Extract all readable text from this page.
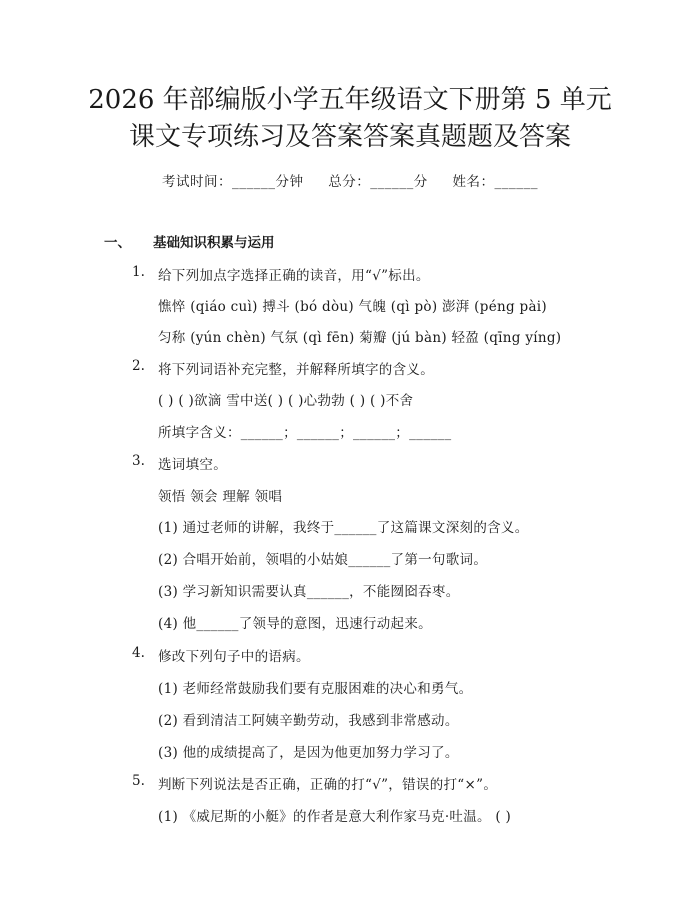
2026 年部编版小学五年级语文下册第 5 单元
课文专项练习及答案答案真题题及答案
考试时间：______分钟 总分：______分 姓名：______
一、 基础知识积累与运用
1. 给下列加点字选择正确的读音，用“√”标出。
憔悴 (qiáo cuì) 搏斗 (bó dòu) 气魄 (qì pò) 澎湃 (péng pài)
匀称 (yún chèn) 气氛 (qì fēn) 菊瓣 (jú bàn) 轻盈 (qīng yíng)
2. 将下列词语补充完整，并解释所填字的含义。
( ) ( )欲滴 雪中送( ) ( )心勃勃 ( ) ( )不舍
所填字含义：______；______；______；______
3. 选词填空。
领悟 领会 理解 领唱
(1) 通过老师的讲解，我终于______了这篇课文深刻的含义。
(2) 合唱开始前，领唱的小姑娘______了第一句歌词。
(3) 学习新知识需要认真______，不能囫囵吞枣。
(4) 他______了领导的意图，迅速行动起来。
4. 修改下列句子中的语病。
(1) 老师经常鼓励我们要有克服困难的决心和勇气。
(2) 看到清洁工阿姨辛勤劳动，我感到非常感动。
(3) 他的成绩提高了，是因为他更加努力学习了。
5. 判断下列说法是否正确，正确的打“√”，错误的打“×”。
(1) 《威尼斯的小艇》的作者是意大利作家马克·吐温。 ( )
